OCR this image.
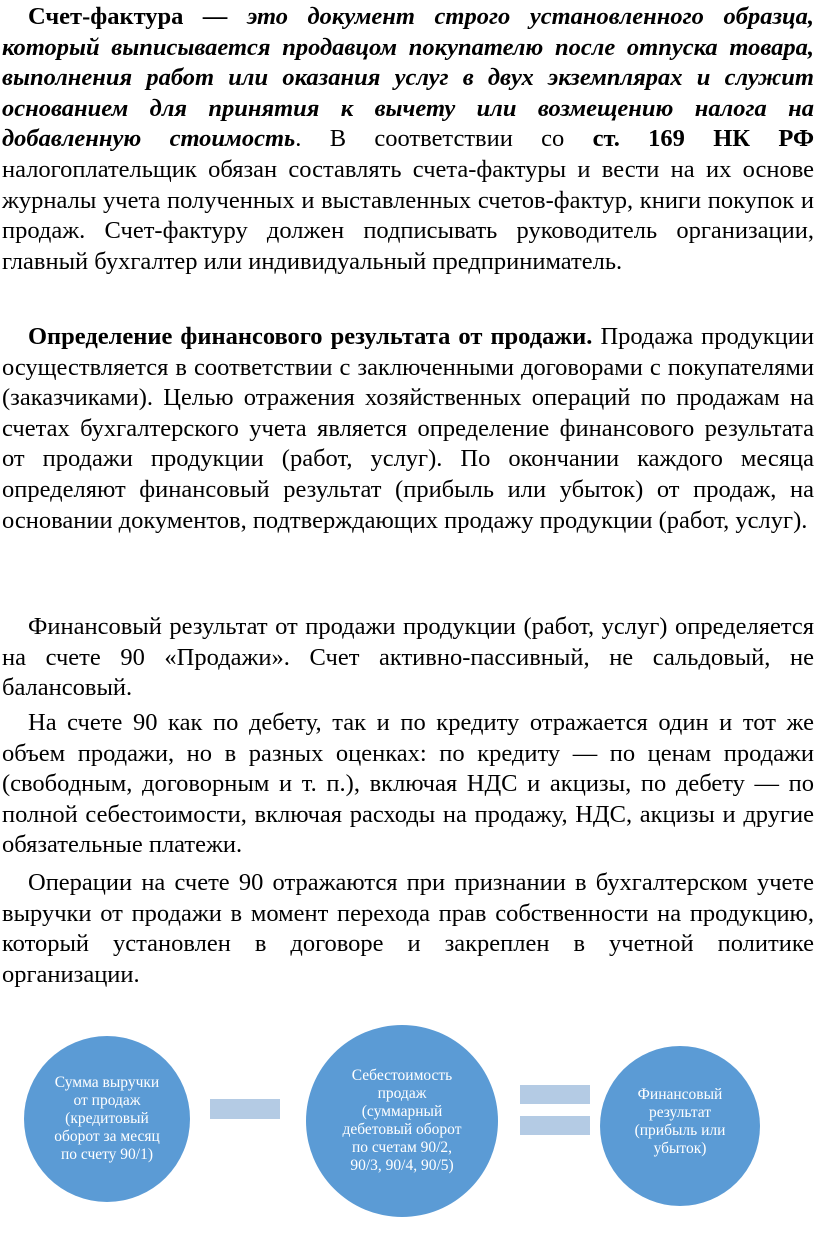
Счет-фактура — это документ строго установленного образца, который выписывается продавцом покупателю после отпуска товара, выполнения работ или оказания услуг в двух экземплярах и служит основанием для принятия к вычету или возмещению налога на добавленную стоимость. В соответствии со ст. 169 НК РФ налогоплательщик обязан составлять счета-фактуры и вести на их основе журналы учета полученных и выставленных счетов-фактур, книги покупок и продаж. Счет-фактуру должен подписывать руководитель организации, главный бухгалтер или индивидуальный предприниматель.

Определение финансового результата от продажи. Продажа продукции осуществляется в соответствии с заключенными договорами с покупателями (заказчиками). Целью отражения хозяйственных операций по продажам на счетах бухгалтерского учета является определение финансового результата от продажи продукции (работ, услуг). По окончании каждого месяца определяют финансовый результат (прибыль или убыток) от продаж, на основании документов, подтверждающих продажу продукции (работ, услуг).

Финансовый результат от продажи продукции (работ, услуг) определяется на счете 90 «Продажи». Счет активно-пассивный, не сальдовый, не балансовый.

На счете 90 как по дебету, так и по кредиту отражается один и тот же объем продажи, но в разных оценках: по кредиту — по ценам продажи (свободным, договорным и т. п.), включая НДС и акцизы, по дебету — по полной себестоимости, включая расходы на продажу, НДС, акцизы и другие обязательные платежи.

Операции на счете 90 отражаются при признании в бухгалтерском учете выручки от продажи в момент перехода прав собственности на продукцию, который установлен в договоре и закреплен в учетной политике организации.

Сумма выручки от продаж (кредитовый оборот за месяц по счету 90/1)
Себестоимость продаж (суммарный дебетовый оборот по счетам 90/2, 90/3, 90/4, 90/5)
Финансовый результат (прибыль или убыток)
